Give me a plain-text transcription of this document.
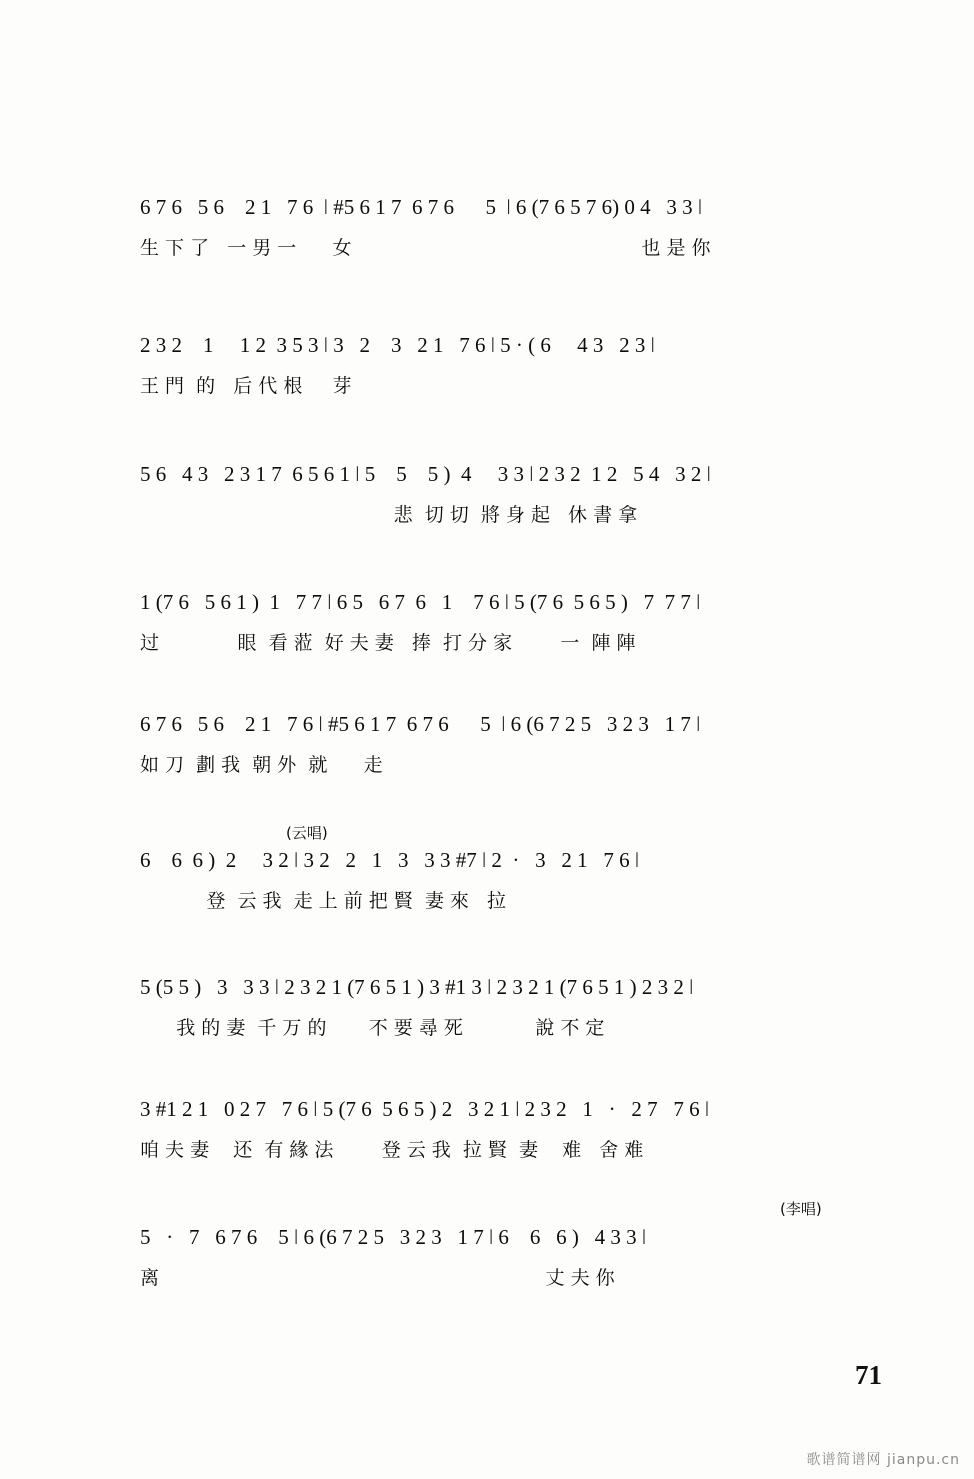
6 7 6   5 6    2 1   7 6  ǀ #5 6 1 7  6 7 6      5  ǀ 6 (7 6 5 7 6) 0 4   3 3 ǀ
生 下 了   一 男 一      女                                                也 是 你
2 3 2    1     1 2  3 5 3 ǀ 3   2    3   2 1   7 6 ǀ 5 · ( 6     4 3   2 3 ǀ
王 門  的   后 代 根     芽
5 6   4 3   2 3 1 7  6 5 6 1 ǀ 5    5    5 )  4     3 3 ǀ 2 3 2  1 2   5 4   3 2 ǀ
悲  切 切  將 身 起   休 書 拿
1 (7 6   5 6 1 )  1   7 7 ǀ 6 5   6 7  6   1    7 6 ǀ 5 (7 6  5 6 5 )   7  7 7 ǀ
过             眼  看 蒞  好 夫 妻   捧  打 分 家        一  陣 陣
6 7 6   5 6    2 1   7 6 ǀ #5 6 1 7  6 7 6      5  ǀ 6 (6 7 2 5   3 2 3   1 7 ǀ
如 刀  劃 我  朝 外  就      走
(云唱)
6    6  6 )  2     3 2 ǀ 3 2   2   1   3   3 3 #7 ǀ 2  ·   3   2 1   7 6 ǀ
登  云 我  走 上 前 把 賢  妻 來   拉
5 (5 5 )   3   3 3 ǀ 2 3 2 1 (7 6 5 1 ) 3 #1 3 ǀ 2 3 2 1 (7 6 5 1 ) 2 3 2 ǀ
我 的 妻  千 万 的       不 要 尋 死            說 不 定
3 #1 2 1   0 2 7   7 6 ǀ 5 (7 6  5 6 5 ) 2   3 2 1 ǀ 2 3 2   1   ·   2 7   7 6 ǀ
咱 夫 妻    还  有 緣 法        登 云 我  拉 賢  妻    难   舍 难
(李唱)
5   ·   7   6 7 6    5 ǀ 6 (6 7 2 5   3 2 3   1 7 ǀ 6    6   6 )   4 3 3 ǀ
离                                                                丈 夫 你
71
歌谱简谱网 jianpu.cn
